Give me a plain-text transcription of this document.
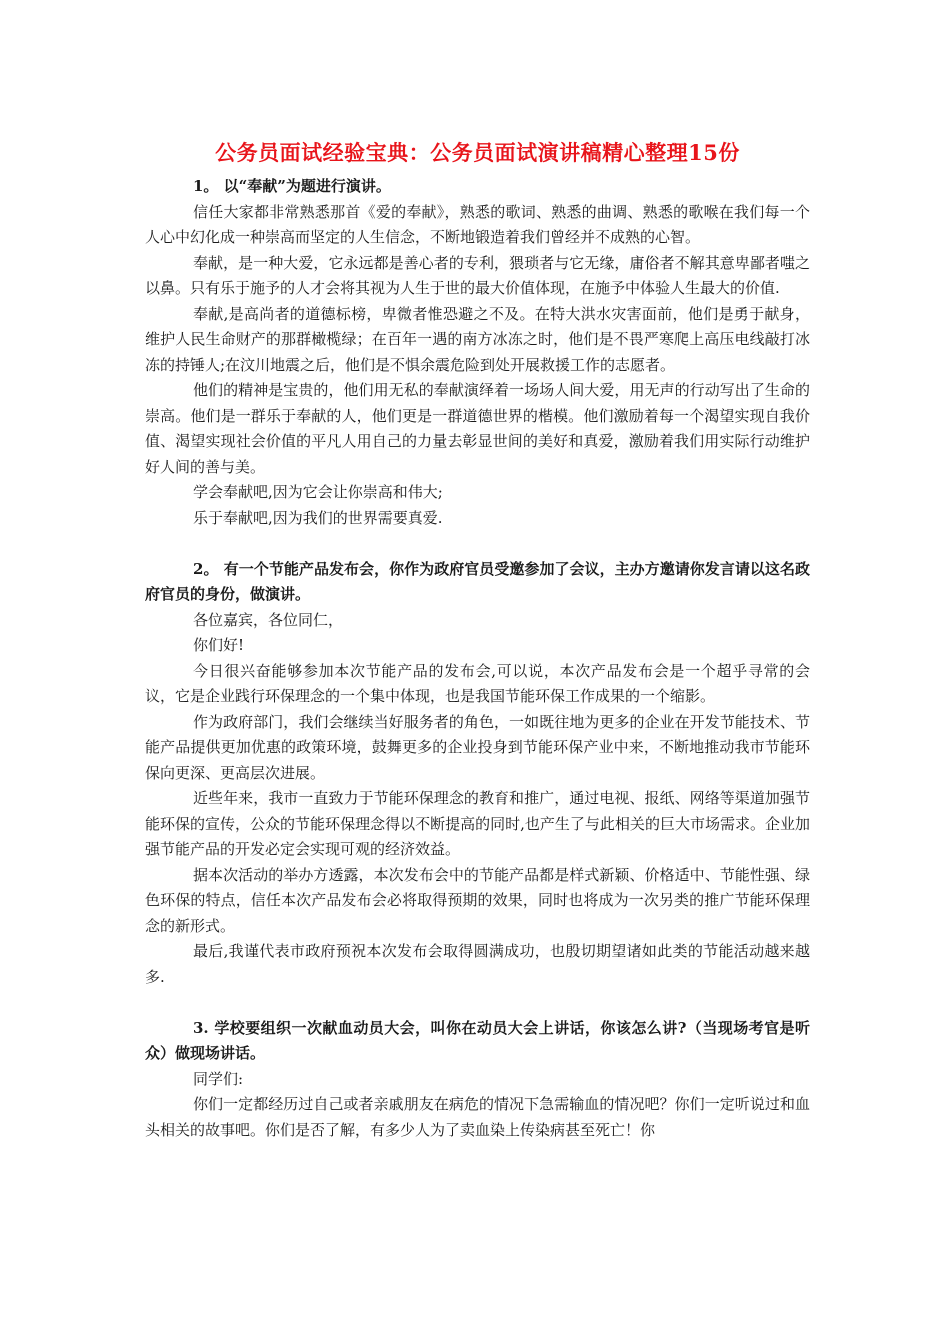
公务员面试经验宝典：公务员面试演讲稿精心整理15份

1。 以“奉献”为题进行演讲。

信任大家都非常熟悉那首《爱的奉献》，熟悉的歌词、熟悉的曲调、熟悉的歌喉在我们每一个人心中幻化成一种崇高而坚定的人生信念，不断地锻造着我们曾经并不成熟的心智。

奉献，是一种大爱，它永远都是善心者的专利，猥琐者与它无缘，庸俗者不解其意卑鄙者嗤之以鼻。只有乐于施予的人才会将其视为人生于世的最大价值体现，在施予中体验人生最大的价值.

奉献,是高尚者的道德标榜，卑微者惟恐避之不及。在特大洪水灾害面前，他们是勇于献身，维护人民生命财产的那群橄榄绿；在百年一遇的南方冰冻之时，他们是不畏严寒爬上高压电线敲打冰冻的持锤人;在汶川地震之后，他们是不惧余震危险到处开展救援工作的志愿者。

他们的精神是宝贵的，他们用无私的奉献演绎着一场场人间大爱，用无声的行动写出了生命的崇高。他们是一群乐于奉献的人，他们更是一群道德世界的楷模。他们激励着每一个渴望实现自我价值、渴望实现社会价值的平凡人用自己的力量去彰显世间的美好和真爱，激励着我们用实际行动维护好人间的善与美。

学会奉献吧,因为它会让你崇高和伟大;

乐于奉献吧,因为我们的世界需要真爱.

2。 有一个节能产品发布会，你作为政府官员受邀参加了会议，主办方邀请你发言请以这名政府官员的身份，做演讲。

各位嘉宾，各位同仁，

你们好!

今日很兴奋能够参加本次节能产品的发布会,可以说，本次产品发布会是一个超乎寻常的会议，它是企业践行环保理念的一个集中体现，也是我国节能环保工作成果的一个缩影。

作为政府部门，我们会继续当好服务者的角色，一如既往地为更多的企业在开发节能技术、节能产品提供更加优惠的政策环境，鼓舞更多的企业投身到节能环保产业中来，不断地推动我市节能环保向更深、更高层次进展。

近些年来，我市一直致力于节能环保理念的教育和推广，通过电视、报纸、网络等渠道加强节能环保的宣传，公众的节能环保理念得以不断提高的同时,也产生了与此相关的巨大市场需求。企业加强节能产品的开发必定会实现可观的经济效益。

据本次活动的举办方透露，本次发布会中的节能产品都是样式新颖、价格适中、节能性强、绿色环保的特点，信任本次产品发布会必将取得预期的效果，同时也将成为一次另类的推广节能环保理念的新形式。

最后,我谨代表市政府预祝本次发布会取得圆满成功，也殷切期望诸如此类的节能活动越来越多.

3. 学校要组织一次献血动员大会，叫你在动员大会上讲话，你该怎么讲?（当现场考官是听众）做现场讲话。

同学们:

你们一定都经历过自己或者亲戚朋友在病危的情况下急需输血的情况吧？你们一定听说过和血头相关的故事吧。你们是否了解，有多少人为了卖血染上传染病甚至死亡！你
